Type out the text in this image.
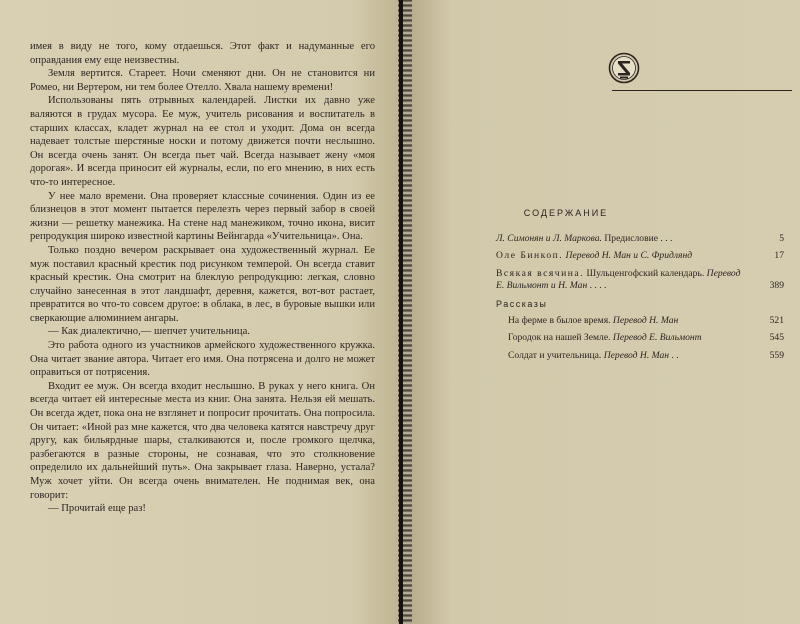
имея в виду не того, кому отдаешься. Этот факт и надуманные его оправдания ему еще неизвестны.

Земля вертится. Стареет. Ночи сменяют дни. Он не становится ни Ромео, ни Вертером, ни тем более Отелло. Хвала нашему времени!

Использованы пять отрывных календарей. Листки их давно уже валяются в грудах мусора. Ее муж, учитель рисования и воспитатель в старших классах, кладет журнал на ее стол и уходит. Дома он всегда надевает толстые шерстяные носки и потому движется почти неслышно. Он всегда очень занят. Он всегда пьет чай. Всегда называет жену «моя дорогая». И всегда приносит ей журналы, если, по его мнению, в них есть что-то интересное.

У нее мало времени. Она проверяет классные сочинения. Один из ее близнецов в этот момент пытается перелезть через первый забор в своей жизни — решетку манежика. На стене над манежиком, точно икона, висит репродукция широко известной картины Вейнгарда «Учительница». Она.

Только поздно вечером раскрывает она художественный журнал. Ее муж поставил красный крестик под рисунком темперой. Он всегда ставит красный крестик. Она смотрит на блеклую репродукцию: легкая, словно случайно занесенная в этот ландшафт, деревня, кажется, вот-вот растает, превратится во что-то совсем другое: в облака, в лес, в буровые вышки или сверкающие алюминием ангары.

— Как диалектично,— шепчет учительница.

Это работа одного из участников армейского художественного кружка. Она читает звание автора. Читает его имя. Она потрясена и долго не может оправиться от потрясения.

Входит ее муж. Он всегда входит неслышно. В руках у него книга. Он всегда читает ей интересные места из книг. Она занята. Нельзя ей мешать. Он всегда ждет, пока она не взглянет и попросит прочитать. Она попросила. Он читает: «Иной раз мне кажется, что два человека катятся навстречу друг другу, как бильярдные шары, сталкиваются и, после громкого щелчка, разбегаются в разные стороны, не сознавая, что это столкновение определило их дальнейший путь». Она закрывает глаза. Наверно, устала? Муж хочет уйти. Он всегда очень внимателен. Не поднимая век, она говорит:

— Прочитай еще раз!

СОДЕРЖАНИЕ
Л. Симонян и Л. Маркова. Предисловие . . .	5
Оле Бинкоп. Перевод Н. Ман и С. Фридлянд	17
Всякая всячина. Шульценгофский календарь. Перевод Е. Вильмонт и Н. Ман . . . .	389
Рассказы
На ферме в былое время. Перевод Н. Ман	521
Городок на нашей Земле. Перевод Е. Вильмонт	545
Солдат и учительница. Перевод Н. Ман . .	559
